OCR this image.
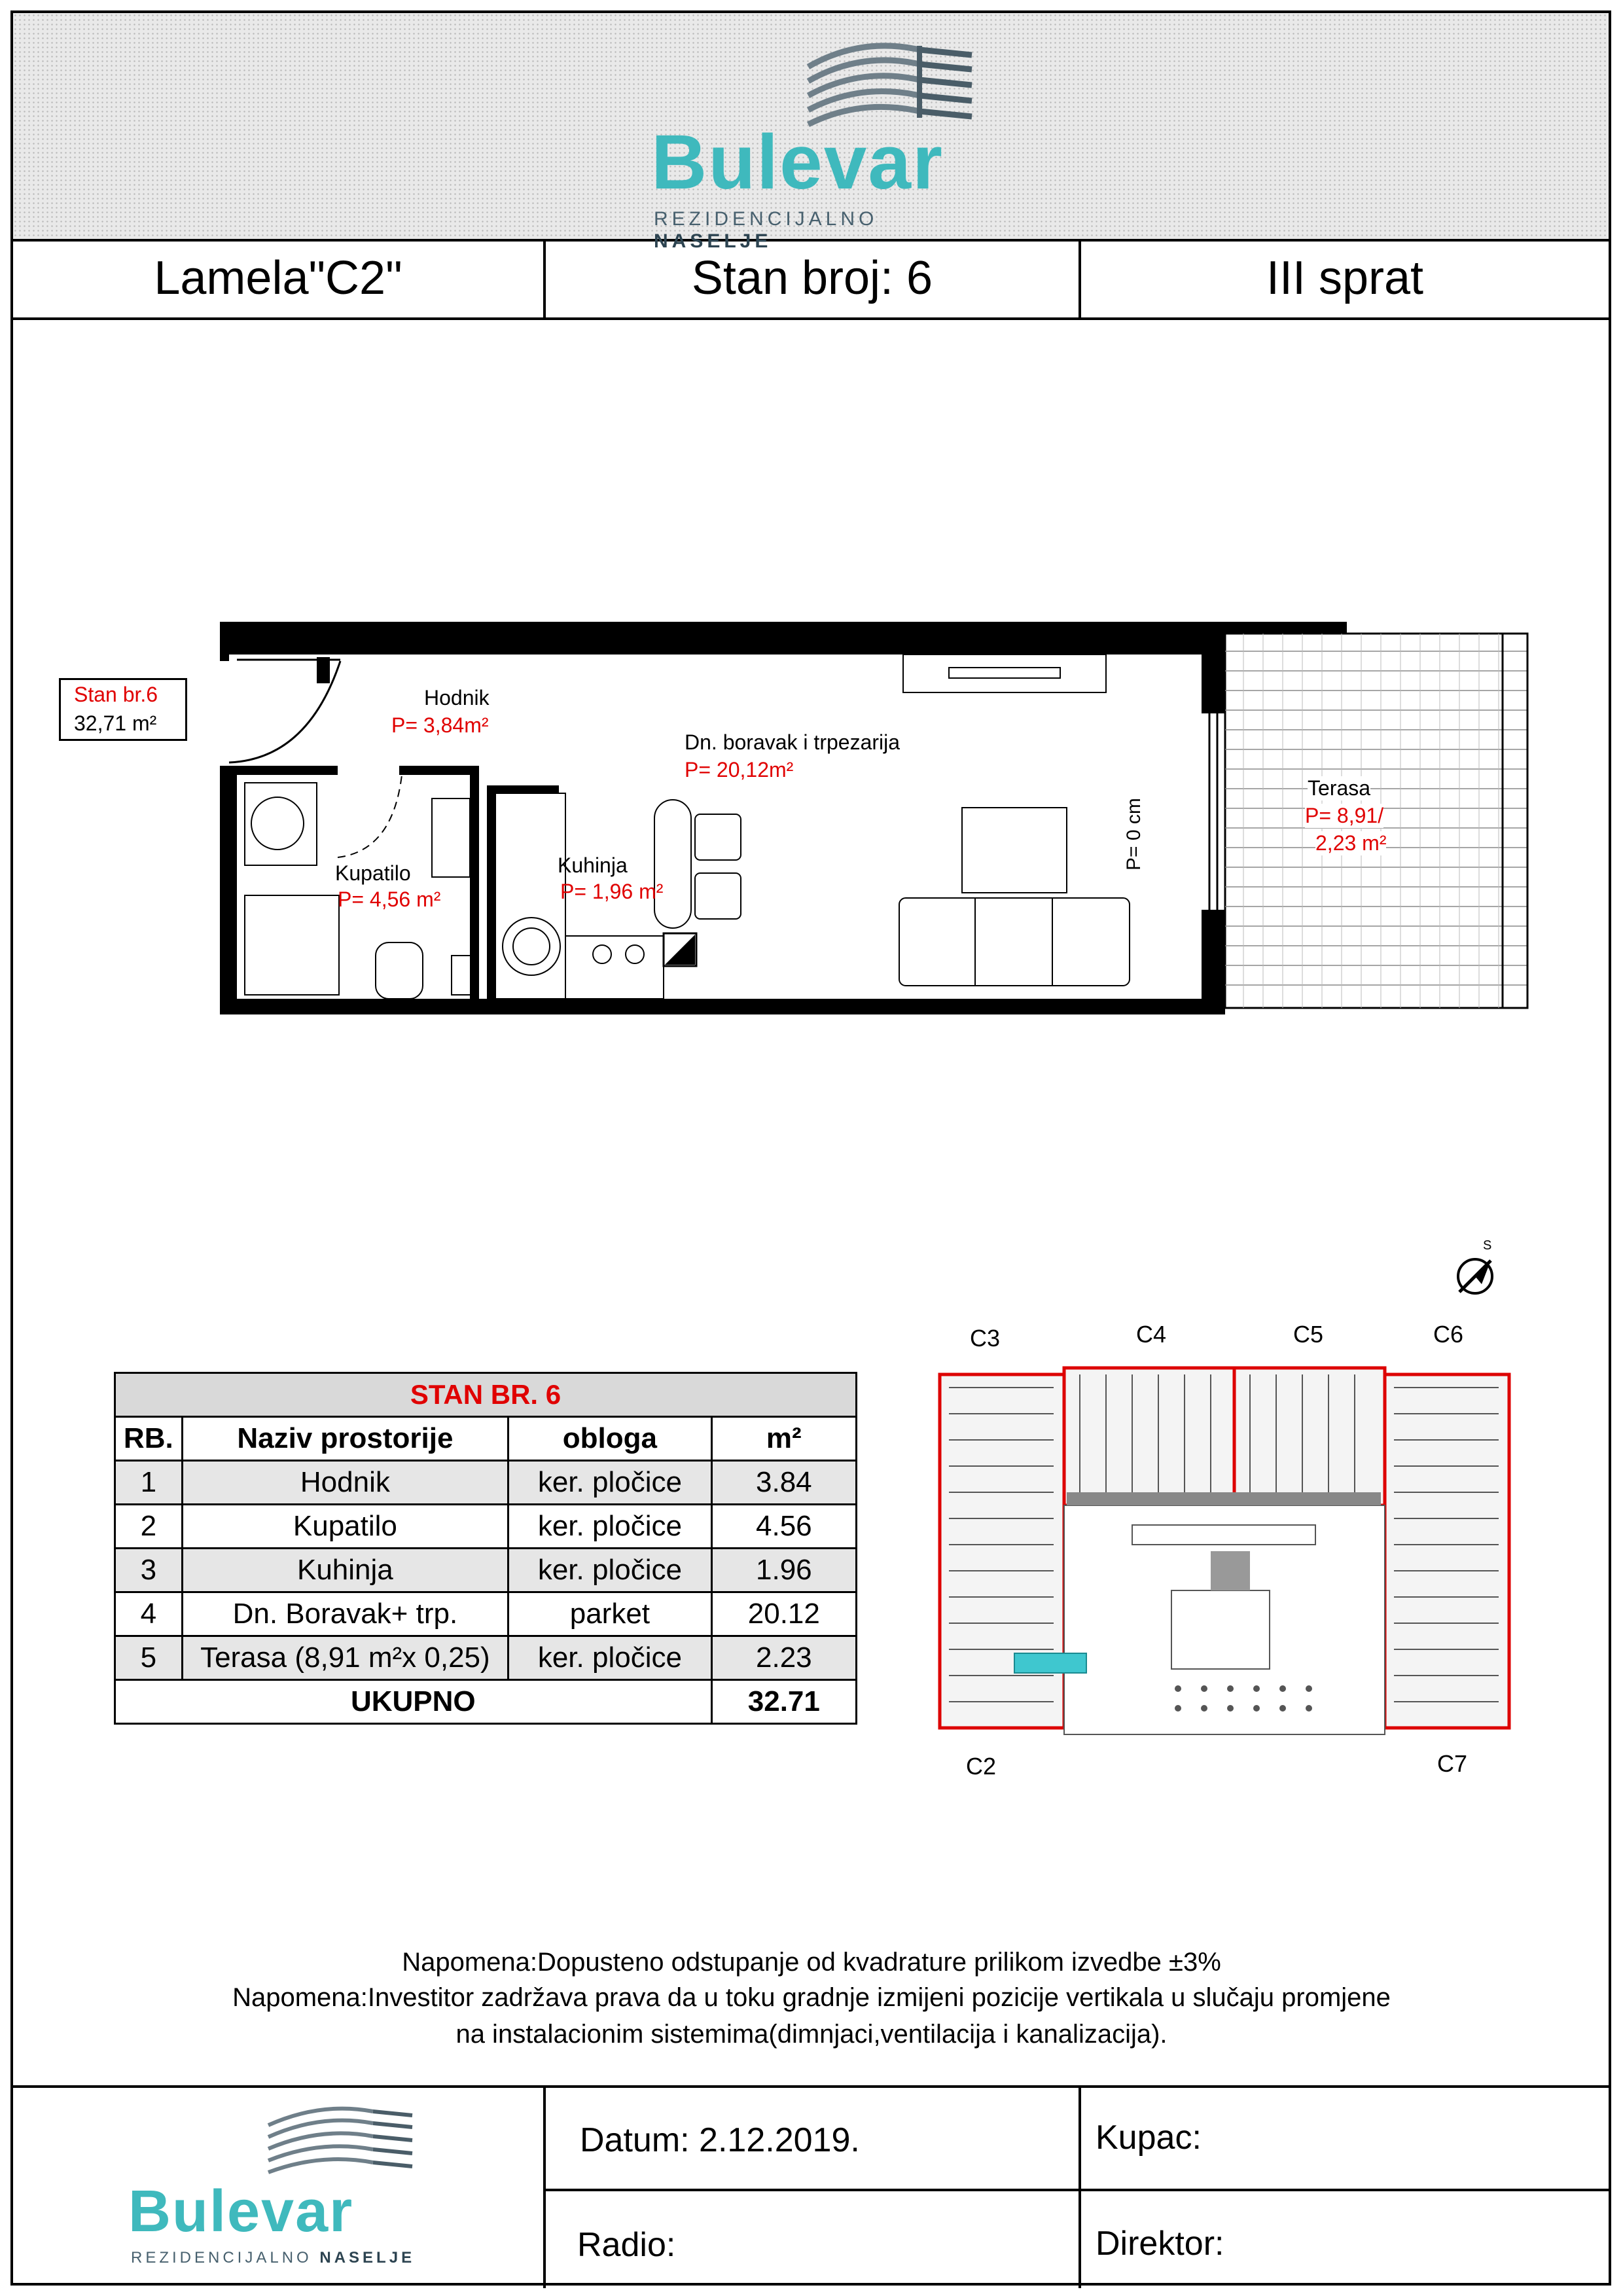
Bulevar
REZIDENCIJALNO NASELJE
Lamela"C2"	Stan broj: 6	III sprat
Stan br.6
32,71 m²
Hodnik
P= 3,84m²
Dn. boravak i trpezarija
P= 20,12m²
Kupatilo
P= 4,56 m²
Kuhinja
P= 1,96 m²
Terasa
P= 8,91/
2,23 m²
P= 0 cm
STAN BR. 6			
RB.	Naziv prostorije	obloga	m²
1	Hodnik	ker. pločice	3.84
2	Kupatilo	ker. pločice	4.56
3	Kuhinja	ker. pločice	1.96
4	Dn. Boravak+ trp.	parket	20.12
5	Terasa (8,91 m²x 0,25)	ker. pločice	2.23
UKUPNO			32.71
S
C3	C4	C5	C6
C2	C7
Napomena:Dopusteno odstupanje od kvadrature prilikom izvedbe ±3%
Napomena:Investitor zadržava prava da u toku gradnje izmijeni pozicije vertikala u slučaju promjene
na instalacionim sistemima(dimnjaci,ventilacija i kanalizacija).
Datum: 2.12.2019.
Radio:
Kupac:
Direktor:
Bulevar
REZIDENCIJALNO NASELJE
